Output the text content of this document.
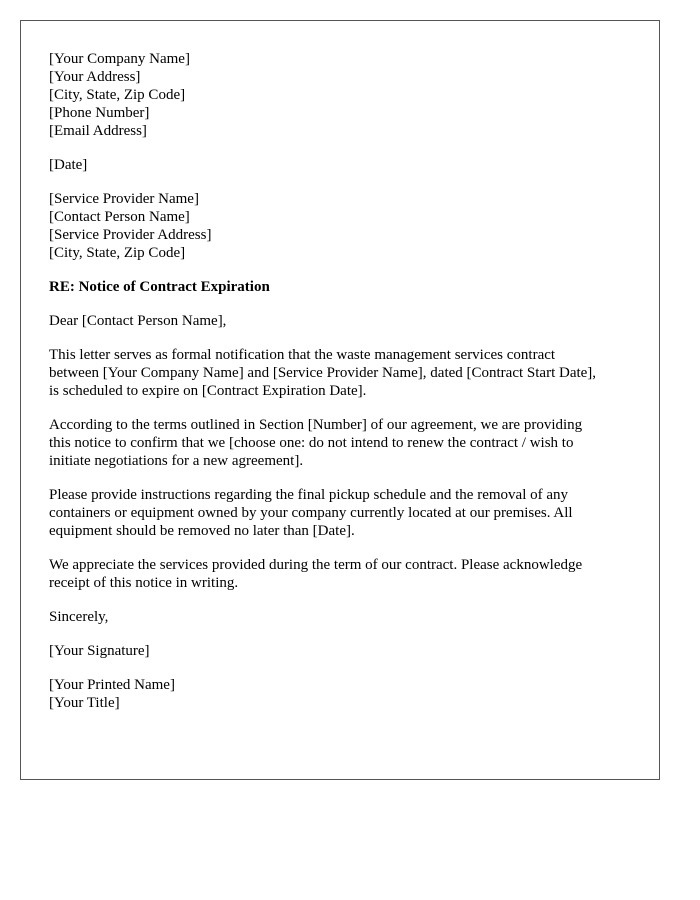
[Your Company Name]
[Your Address]
[City, State, Zip Code]
[Phone Number]
[Email Address]
[Date]
[Service Provider Name]
[Contact Person Name]
[Service Provider Address]
[City, State, Zip Code]
RE: Notice of Contract Expiration
Dear [Contact Person Name],
This letter serves as formal notification that the waste management services contract
between [Your Company Name] and [Service Provider Name], dated [Contract Start Date],
is scheduled to expire on [Contract Expiration Date].
According to the terms outlined in Section [Number] of our agreement, we are providing
this notice to confirm that we [choose one: do not intend to renew the contract / wish to
initiate negotiations for a new agreement].
Please provide instructions regarding the final pickup schedule and the removal of any
containers or equipment owned by your company currently located at our premises. All
equipment should be removed no later than [Date].
We appreciate the services provided during the term of our contract. Please acknowledge
receipt of this notice in writing.
Sincerely,
[Your Signature]
[Your Printed Name]
[Your Title]
